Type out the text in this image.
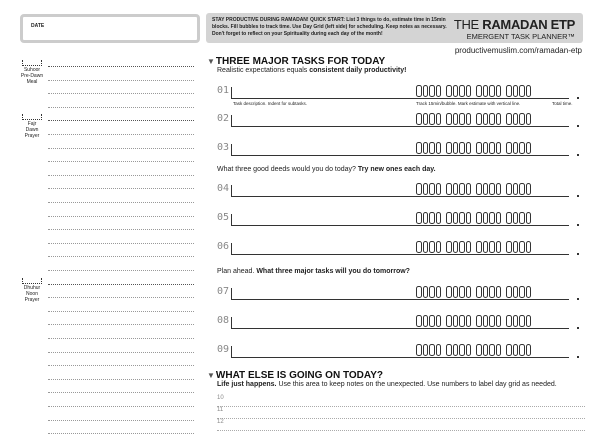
DATE
STAY PRODUCTIVE DURING RAMADAN! QUICK START: List 3 things to do, estimate time in 15min blocks. Fill bubbles to track time. Use Day Grid (left side) for scheduling. Keep notes as necessary. Don't forget to reflect on your Spirituality during each day of the month!
THE RAMADAN ETP
EMERGENT TASK PLANNER™
productivemuslim.com/ramadan-etp
Suhoor
Pre-Dawn
Meal
Fajr
Dawn
Prayer
Dhuhur
Noon
Prayer
▼THREE MAJOR TASKS FOR TODAY
Realistic expectations equals consistent daily productivity!
What three good deeds would you do today? Try new ones each day.
Plan ahead. What three major tasks will you do tomorrow?
01
Task description. Indent for subtasks.	Track 15min/bubble. Mark estimate with vertical line.	Total time.
02
03
04
05
06
07
08
09
▼WHAT ELSE IS GOING ON TODAY?
Life just happens. Use this area to keep notes on the unexpected. Use numbers to label day grid as needed.
10
11
12
